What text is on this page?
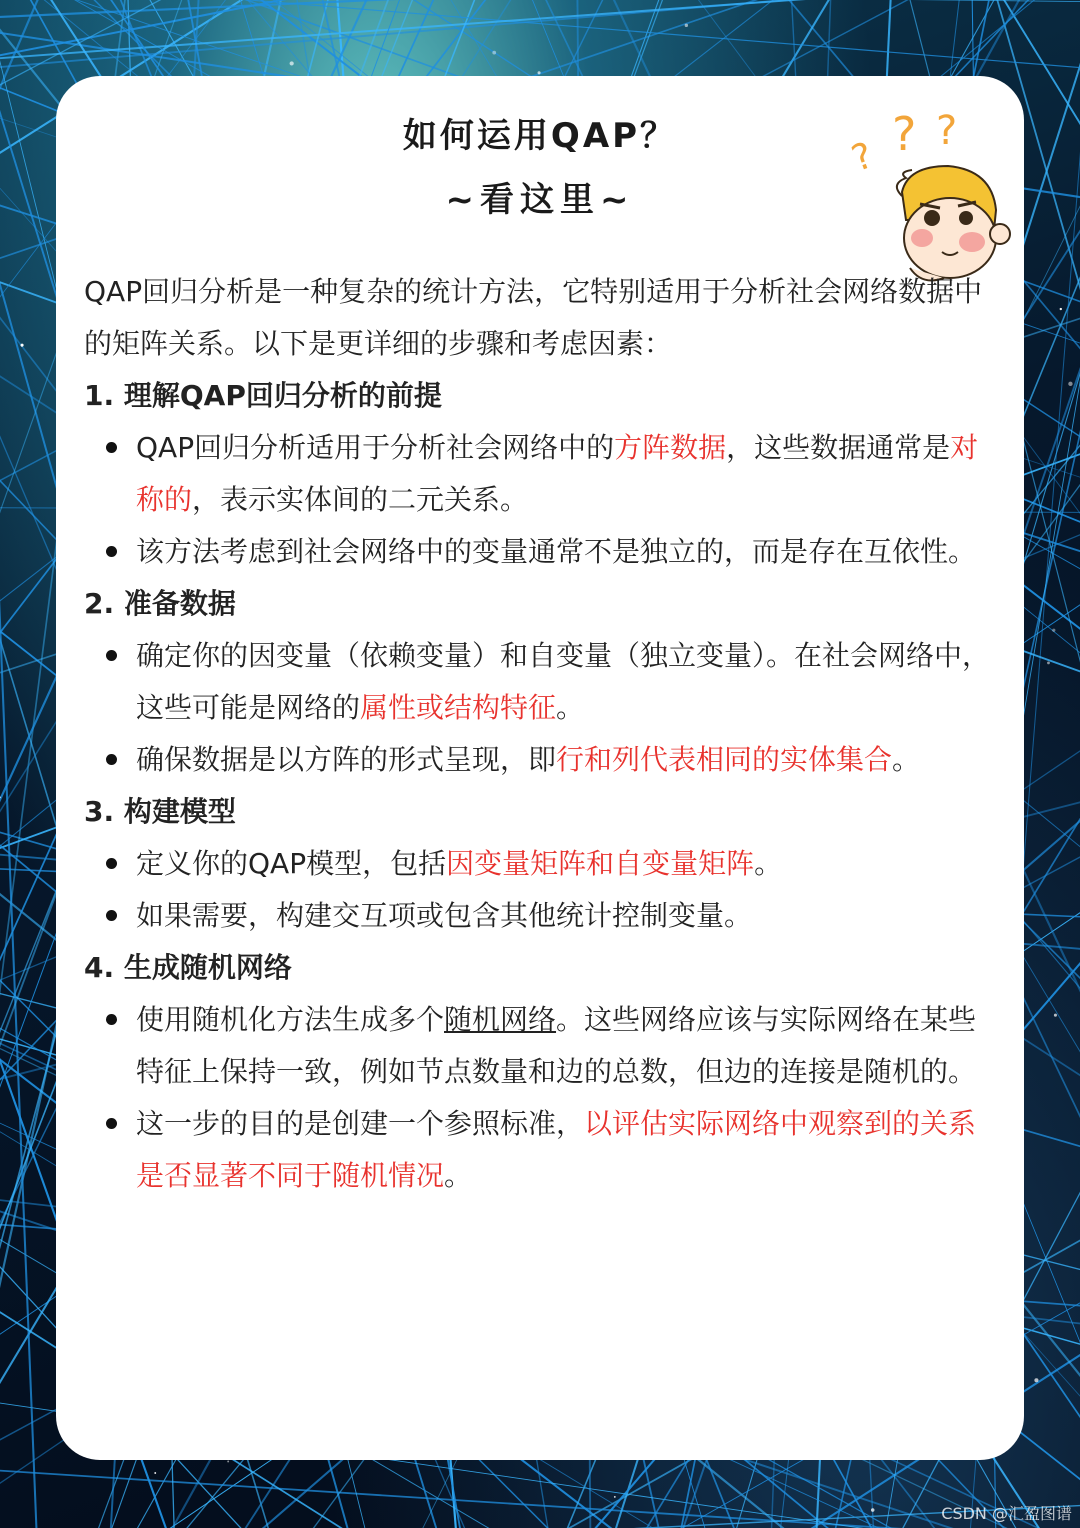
如何运用QAP？
~看这里~
? ? ?

QAP回归分析是一种复杂的统计方法，它特别适用于分析社会网络数据中的矩阵关系。以下是更详细的步骤和考虑因素：

1. 理解QAP回归分析的前提
QAP回归分析适用于分析社会网络中的方阵数据，这些数据通常是对称的，表示实体间的二元关系。
该方法考虑到社会网络中的变量通常不是独立的，而是存在互依性。
2. 准备数据
确定你的因变量（依赖变量）和自变量（独立变量）。在社会网络中，这些可能是网络的属性或结构特征。
确保数据是以方阵的形式呈现，即行和列代表相同的实体集合。
3. 构建模型
定义你的QAP模型，包括因变量矩阵和自变量矩阵。
如果需要，构建交互项或包含其他统计控制变量。
4. 生成随机网络
使用随机化方法生成多个随机网络。这些网络应该与实际网络在某些特征上保持一致，例如节点数量和边的总数，但边的连接是随机的。
这一步的目的是创建一个参照标准，以评估实际网络中观察到的关系是否显著不同于随机情况。
CSDN @汇盈图谱
